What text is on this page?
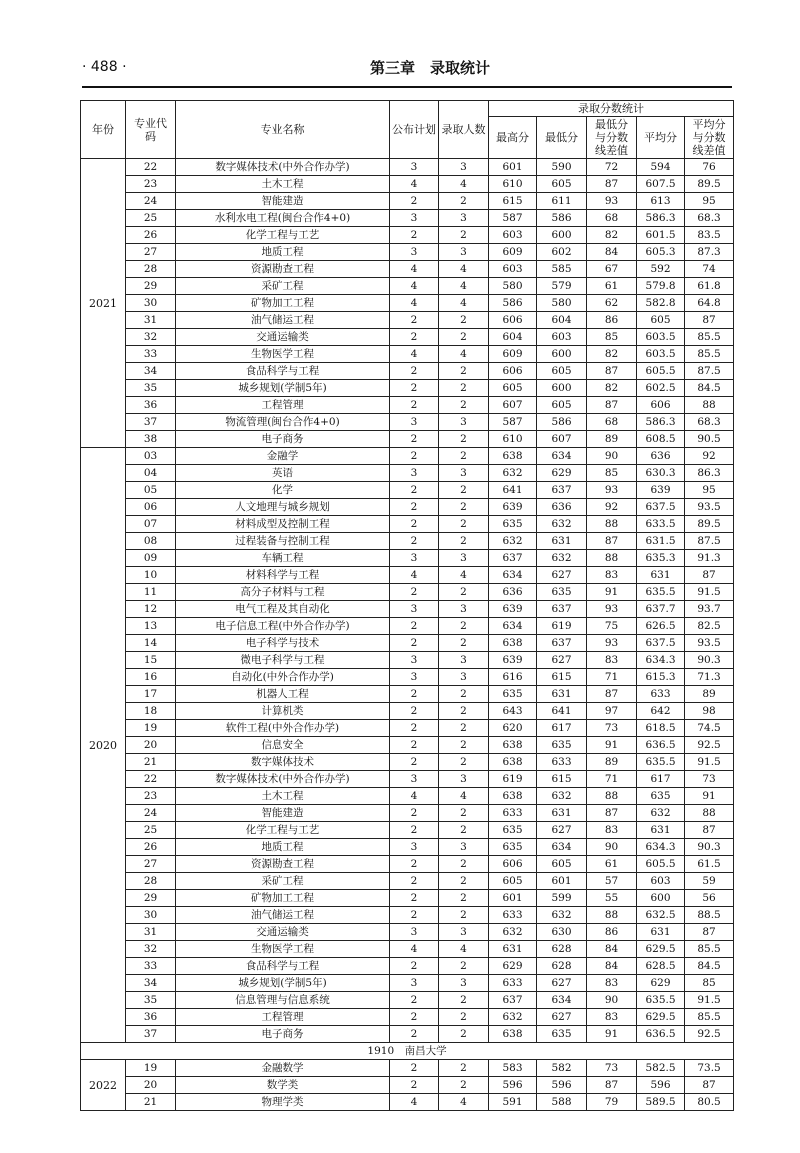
· 488 ·	第三章　录取统计
年份	专业代码	专业名称	公布计划	录取人数	录取分数统计				
					最高分	最低分	最低分与分数线差值	平均分	平均分与分数线差值
2021	22	数字媒体技术(中外合作办学)	3	3	601	590	72	594	76
	23	土木工程	4	4	610	605	87	607.5	89.5
	24	智能建造	2	2	615	611	93	613	95
	25	水利水电工程(闽台合作4+0)	3	3	587	586	68	586.3	68.3
	26	化学工程与工艺	2	2	603	600	82	601.5	83.5
	27	地质工程	3	3	609	602	84	605.3	87.3
	28	资源勘查工程	4	4	603	585	67	592	74
	29	采矿工程	4	4	580	579	61	579.8	61.8
	30	矿物加工工程	4	4	586	580	62	582.8	64.8
	31	油气储运工程	2	2	606	604	86	605	87
	32	交通运输类	2	2	604	603	85	603.5	85.5
	33	生物医学工程	4	4	609	600	82	603.5	85.5
	34	食品科学与工程	2	2	606	605	87	605.5	87.5
	35	城乡规划(学制5年)	2	2	605	600	82	602.5	84.5
	36	工程管理	2	2	607	605	87	606	88
	37	物流管理(闽台合作4+0)	3	3	587	586	68	586.3	68.3
	38	电子商务	2	2	610	607	89	608.5	90.5
2020	03	金融学	2	2	638	634	90	636	92
	04	英语	3	3	632	629	85	630.3	86.3
	05	化学	2	2	641	637	93	639	95
	06	人文地理与城乡规划	2	2	639	636	92	637.5	93.5
	07	材料成型及控制工程	2	2	635	632	88	633.5	89.5
	08	过程装备与控制工程	2	2	632	631	87	631.5	87.5
	09	车辆工程	3	3	637	632	88	635.3	91.3
	10	材料科学与工程	4	4	634	627	83	631	87
	11	高分子材料与工程	2	2	636	635	91	635.5	91.5
	12	电气工程及其自动化	3	3	639	637	93	637.7	93.7
	13	电子信息工程(中外合作办学)	2	2	634	619	75	626.5	82.5
	14	电子科学与技术	2	2	638	637	93	637.5	93.5
	15	微电子科学与工程	3	3	639	627	83	634.3	90.3
	16	自动化(中外合作办学)	3	3	616	615	71	615.3	71.3
	17	机器人工程	2	2	635	631	87	633	89
	18	计算机类	2	2	643	641	97	642	98
	19	软件工程(中外合作办学)	2	2	620	617	73	618.5	74.5
	20	信息安全	2	2	638	635	91	636.5	92.5
	21	数字媒体技术	2	2	638	633	89	635.5	91.5
	22	数字媒体技术(中外合作办学)	3	3	619	615	71	617	73
	23	土木工程	4	4	638	632	88	635	91
	24	智能建造	2	2	633	631	87	632	88
	25	化学工程与工艺	2	2	635	627	83	631	87
	26	地质工程	3	3	635	634	90	634.3	90.3
	27	资源勘查工程	2	2	606	605	61	605.5	61.5
	28	采矿工程	2	2	605	601	57	603	59
	29	矿物加工工程	2	2	601	599	55	600	56
	30	油气储运工程	2	2	633	632	88	632.5	88.5
	31	交通运输类	3	3	632	630	86	631	87
	32	生物医学工程	4	4	631	628	84	629.5	85.5
	33	食品科学与工程	2	2	629	628	84	628.5	84.5
	34	城乡规划(学制5年)	3	3	633	627	83	629	85
	35	信息管理与信息系统	2	2	637	634	90	635.5	91.5
	36	工程管理	2	2	632	627	83	629.5	85.5
	37	电子商务	2	2	638	635	91	636.5	92.5
1910　南昌大学									
2022	19	金融数学	2	2	583	582	73	582.5	73.5
	20	数学类	2	2	596	596	87	596	87
	21	物理学类	4	4	591	588	79	589.5	80.5
